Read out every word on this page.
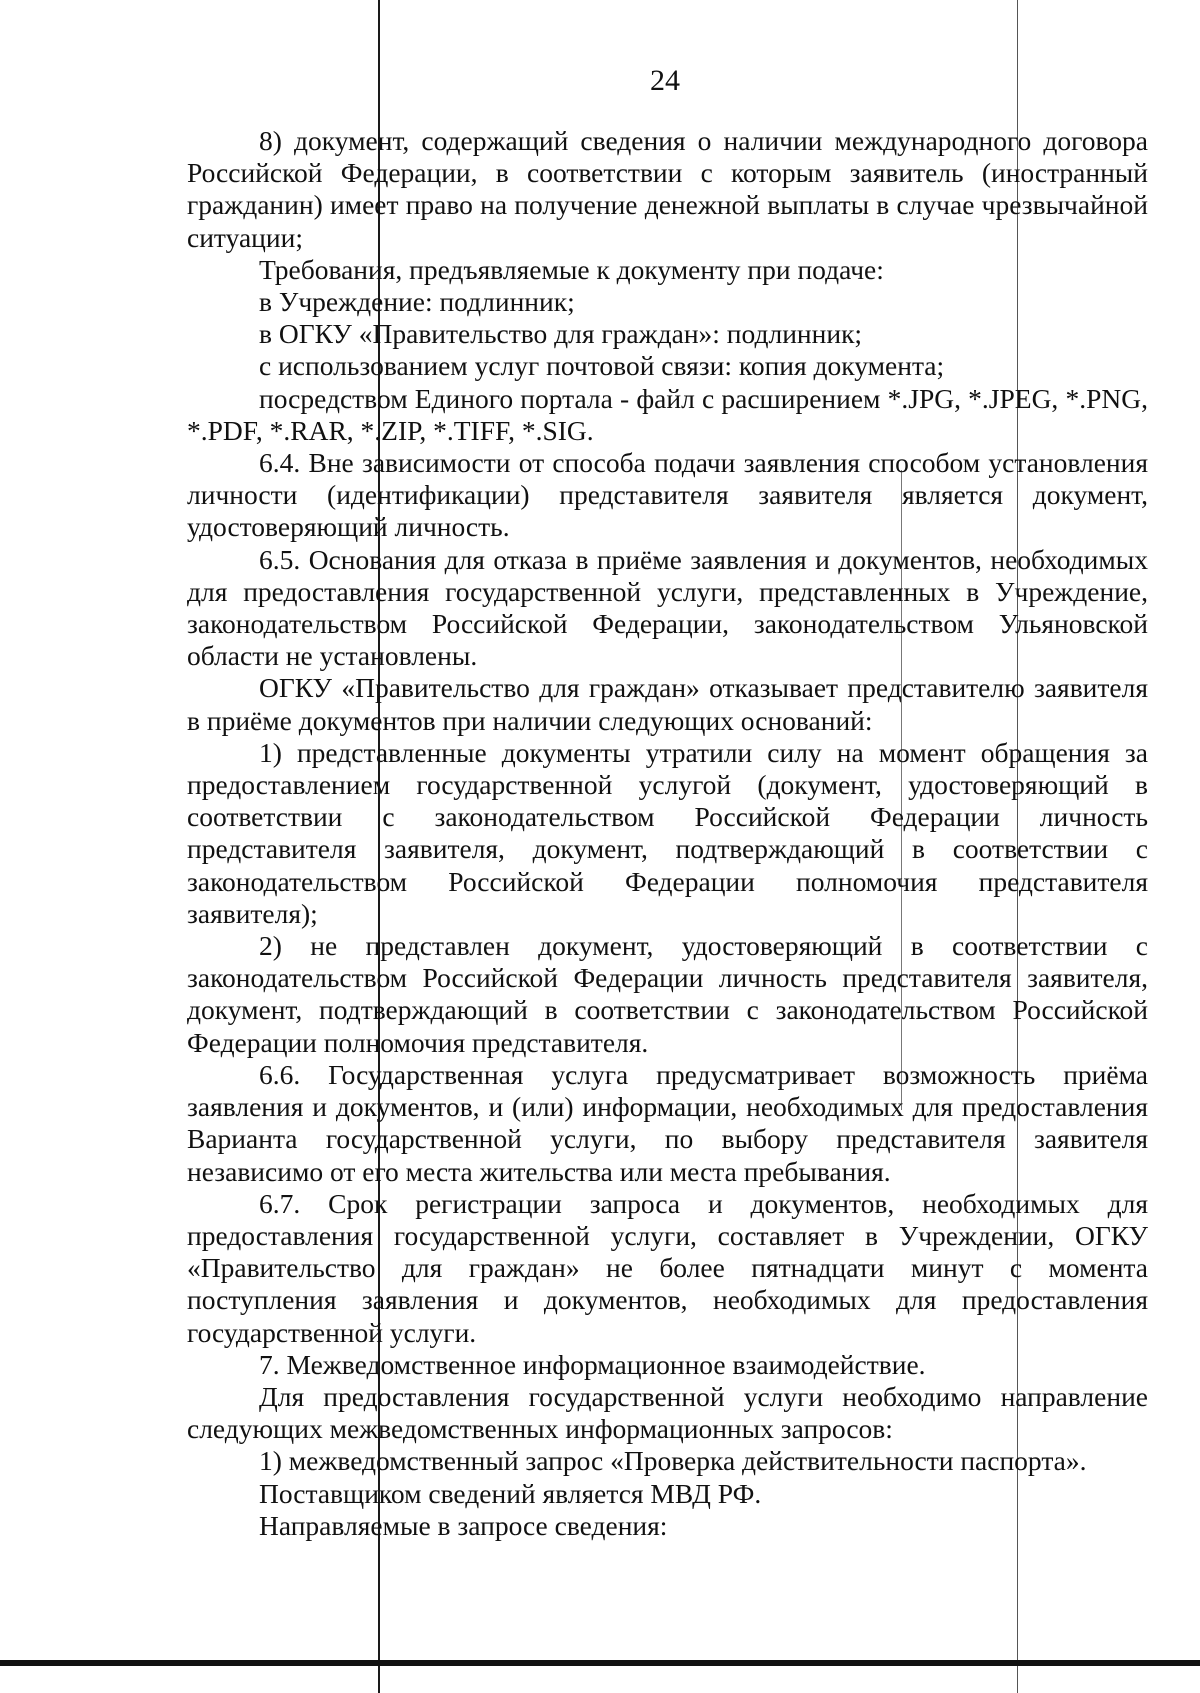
24

8) документ, содержащий сведения о наличии международного договора Российской Федерации, в соответствии с которым заявитель (иностранный гражданин) имеет право на получение денежной выплаты в случае чрезвычайной ситуации;

Требования, предъявляемые к документу при подаче:

в Учреждение: подлинник;

в ОГКУ «Правительство для граждан»: подлинник;

с использованием услуг почтовой связи: копия документа;

посредством Единого портала - файл с расширением *.JPG, *.JPEG, *.PNG, *.PDF, *.RAR, *.ZIP, *.TIFF, *.SIG.

6.4. Вне зависимости от способа подачи заявления способом установления личности (идентификации) представителя заявителя является документ, удостоверяющий личность.

6.5. Основания для отказа в приёме заявления и документов, необходимых для предоставления государственной услуги, представленных в Учреждение, законодательством Российской Федерации, законодательством Ульяновской области не установлены.

ОГКУ «Правительство для граждан» отказывает представителю заявителя в приёме документов при наличии следующих оснований:

1) представленные документы утратили силу на момент обращения за предоставлением государственной услугой (документ, удостоверяющий в соответствии с законодательством Российской Федерации личность представителя заявителя, документ, подтверждающий в соответствии с законодательством Российской Федерации полномочия представителя заявителя);

2) не представлен документ, удостоверяющий в соответствии с законодательством Российской Федерации личность представителя заявителя, документ, подтверждающий в соответствии с законодательством Российской Федерации полномочия представителя.

6.6. Государственная услуга предусматривает возможность приёма заявления и документов, и (или) информации, необходимых для предоставления Варианта государственной услуги, по выбору представителя заявителя независимо от его места жительства или места пребывания.

6.7. Срок регистрации запроса и документов, необходимых для предоставления государственной услуги, составляет в Учреждении, ОГКУ «Правительство для граждан» не более пятнадцати минут с момента поступления заявления и документов, необходимых для предоставления государственной услуги.

7. Межведомственное информационное взаимодействие.

Для предоставления государственной услуги необходимо направление следующих межведомственных информационных запросов:

1) межведомственный запрос «Проверка действительности паспорта».

Поставщиком сведений является МВД РФ.

Направляемые в запросе сведения:
